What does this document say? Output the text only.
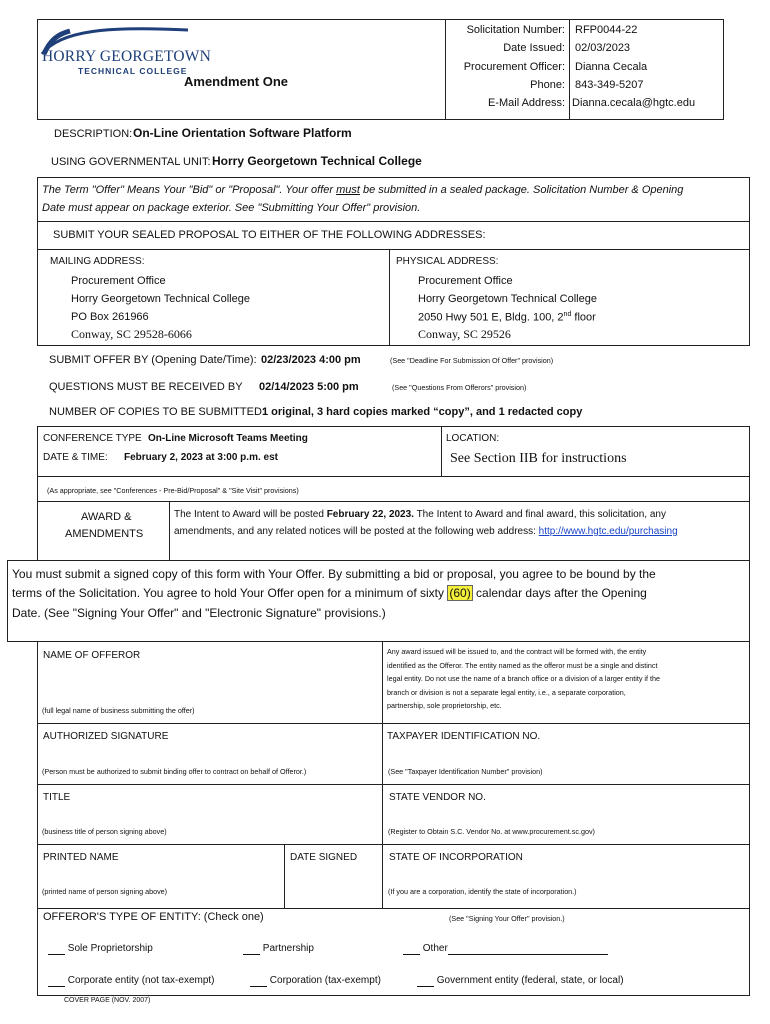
HORRY GEORGETOWN
TECHNICAL COLLEGE
Amendment One
Solicitation Number: RFP0044-22
Date Issued: 02/03/2023
Procurement Officer: Dianna Cecala
Phone: 843-349-5207
E-Mail Address: Dianna.cecala@hgtc.edu
DESCRIPTION: On-Line Orientation Software Platform
USING GOVERNMENTAL UNIT: Horry Georgetown Technical College
The Term "Offer" Means Your "Bid" or "Proposal". Your offer must be submitted in a sealed package. Solicitation Number & Opening
Date must appear on package exterior. See "Submitting Your Offer" provision.
SUBMIT YOUR SEALED PROPOSAL TO EITHER OF THE FOLLOWING ADDRESSES:
MAILING ADDRESS:
Procurement Office
Horry Georgetown Technical College
PO Box 261966
Conway, SC 29528-6066
PHYSICAL ADDRESS:
Procurement Office
Horry Georgetown Technical College
2050 Hwy 501 E, Bldg. 100, 2nd floor
Conway, SC 29526
SUBMIT OFFER BY (Opening Date/Time): 02/23/2023 4:00 pm	(See "Deadline For Submission Of Offer" provision)
QUESTIONS MUST BE RECEIVED BY 02/14/2023 5:00 pm	(See "Questions From Offerors" provision)
NUMBER OF COPIES TO BE SUBMITTED:
1 original, 3 hard copies marked “copy”, and 1 redacted copy
CONFERENCE TYPE On-Line Microsoft Teams Meeting
DATE & TIME: February 2, 2023 at 3:00 p.m. est
LOCATION:
See Section IIB for instructions
(As appropriate, see "Conferences - Pre-Bid/Proposal" & "Site Visit" provisions)
AWARD &
AMENDMENTS
The Intent to Award will be posted February 22, 2023. The Intent to Award and final award, this solicitation, any
amendments, and any related notices will be posted at the following web address: http://www.hgtc.edu/purchasing
You must submit a signed copy of this form with Your Offer. By submitting a bid or proposal, you agree to be bound by the
terms of the Solicitation. You agree to hold Your Offer open for a minimum of sixty (60) calendar days after the Opening
Date. (See "Signing Your Offer" and "Electronic Signature" provisions.)
NAME OF OFFEROR
(full legal name of business submitting the offer)
Any award issued will be issued to, and the contract will be formed with, the entity
identified as the Offeror. The entity named as the offeror must be a single and distinct
legal entity. Do not use the name of a branch office or a division of a larger entity if the
branch or division is not a separate legal entity, i.e., a separate corporation,
partnership, sole proprietorship, etc.
AUTHORIZED SIGNATURE
(Person must be authorized to submit binding offer to contract on behalf of Offeror.)
TAXPAYER IDENTIFICATION NO.
(See "Taxpayer Identification Number" provision)
TITLE
(business title of person signing above)
STATE VENDOR NO.
(Register to Obtain S.C. Vendor No. at www.procurement.sc.gov)
PRINTED NAME
(printed name of person signing above)
DATE SIGNED	STATE OF INCORPORATION
(If you are a corporation, identify the state of incorporation.)
OFFEROR'S TYPE OF ENTITY: (Check one)	(See "Signing Your Offer" provision.)
Sole Proprietorship	Partnership	Other
Corporate entity (not tax-exempt)	Corporation (tax-exempt)	Government entity (federal, state, or local)
COVER PAGE (NOV. 2007)
